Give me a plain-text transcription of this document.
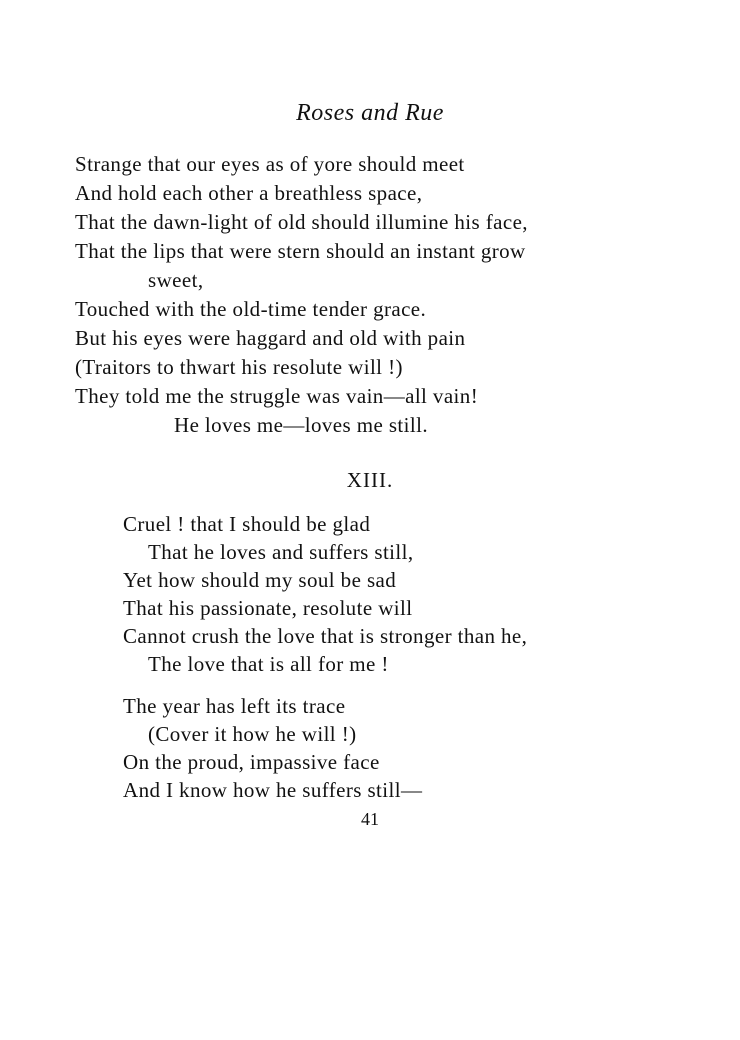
Roses and Rue
Strange that our eyes as of yore should meet
And hold each other a breathless space,
That the dawn-light of old should illumine his face,
That the lips that were stern should an instant grow
sweet,
Touched with the old-time tender grace.
But his eyes were haggard and old with pain
(Traitors to thwart his resolute will !)
They told me the struggle was vain—all vain!
He loves me—loves me still.
XIII.
Cruel ! that I should be glad
That he loves and suffers still,
Yet how should my soul be sad
That his passionate, resolute will
Cannot crush the love that is stronger than he,
The love that is all for me !
The year has left its trace
(Cover it how he will !)
On the proud, impassive face
And I know how he suffers still—
41
